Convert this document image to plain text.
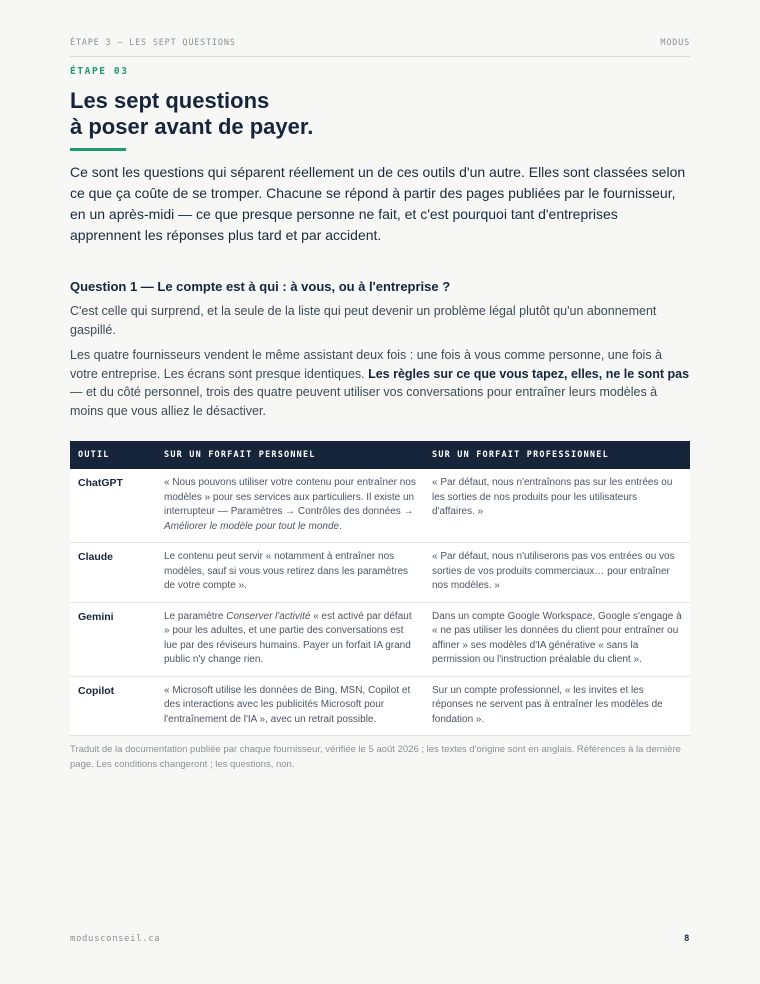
ÉTAPE 3 — LES SEPT QUESTIONS	MODUS
ÉTAPE 03
Les sept questions
à poser avant de payer.

Ce sont les questions qui séparent réellement un de ces outils d'un autre. Elles sont classées selon ce que ça coûte de se tromper. Chacune se répond à partir des pages publiées par le fournisseur, en un après-midi — ce que presque personne ne fait, et c'est pourquoi tant d'entreprises apprennent les réponses plus tard et par accident.

Question 1 — Le compte est à qui : à vous, ou à l'entreprise ?

C'est celle qui surprend, et la seule de la liste qui peut devenir un problème légal plutôt qu'un abonnement gaspillé.

Les quatre fournisseurs vendent le même assistant deux fois : une fois à vous comme personne, une fois à votre entreprise. Les écrans sont presque identiques. Les règles sur ce que vous tapez, elles, ne le sont pas — et du côté personnel, trois des quatre peuvent utiliser vos conversations pour entraîner leurs modèles à moins que vous alliez le désactiver.

OUTIL	SUR UN FORFAIT PERSONNEL	SUR UN FORFAIT PROFESSIONNEL
ChatGPT	« Nous pouvons utiliser votre contenu pour entraîner nos modèles » pour ses services aux particuliers. Il existe un interrupteur — Paramètres → Contrôles des données → Améliorer le modèle pour tout le monde.	« Par défaut, nous n'entraînons pas sur les entrées ou les sorties de nos produits pour les utilisateurs d'affaires. »
Claude	Le contenu peut servir « notamment à entraîner nos modèles, sauf si vous vous retirez dans les paramètres de votre compte ».	« Par défaut, nous n'utiliserons pas vos entrées ou vos sorties de vos produits commerciaux… pour entraîner nos modèles. »
Gemini	Le paramètre Conserver l'activité « est activé par défaut » pour les adultes, et une partie des conversations est lue par des réviseurs humains. Payer un forfait IA grand public n'y change rien.	Dans un compte Google Workspace, Google s'engage à « ne pas utiliser les données du client pour entraîner ou affiner » ses modèles d'IA générative « sans la permission ou l'instruction préalable du client ».
Copilot	« Microsoft utilise les données de Bing, MSN, Copilot et des interactions avec les publicités Microsoft pour l'entraînement de l'IA », avec un retrait possible.	Sur un compte professionnel, « les invites et les réponses ne servent pas à entraîner les modèles de fondation ».

Traduit de la documentation publiée par chaque fournisseur, vérifiée le 5 août 2026 ; les textes d'origine sont en anglais. Références à la dernière page. Les conditions changeront ; les questions, non.

modusconseil.ca	8
